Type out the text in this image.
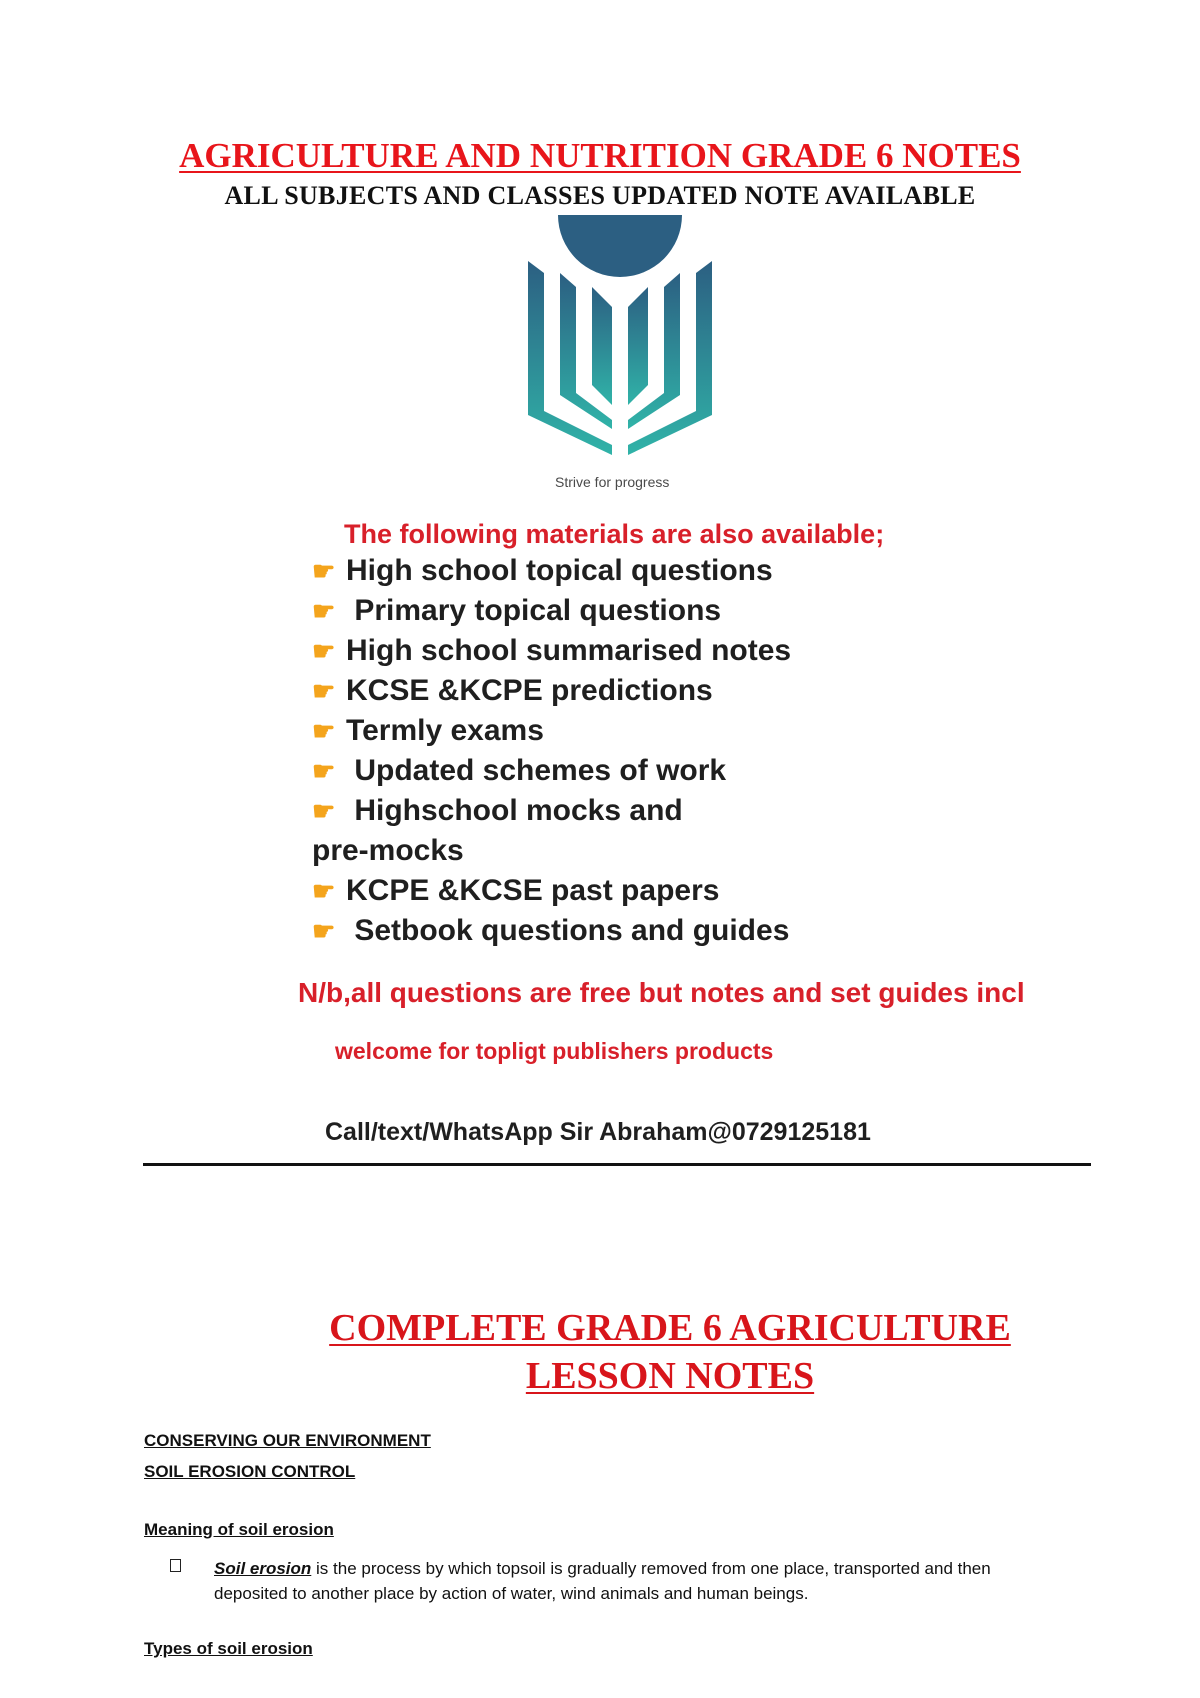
AGRICULTURE AND NUTRITION GRADE 6 NOTES
ALL SUBJECTS AND CLASSES UPDATED NOTE AVAILABLE
Strive for progress
The following materials are also available;
☛ High school topical questions
☛ Primary topical questions
☛ High school summarised notes
☛ KCSE &KCPE predictions
☛ Termly exams
☛ Updated schemes of work
☛ Highschool mocks and pre-mocks
☛ KCPE &KCSE past papers
☛ Setbook questions and guides
N/b,all questions are free but notes and set guides incl
welcome for topligt publishers products
Call/text/WhatsApp Sir Abraham@0729125181
COMPLETE GRADE 6 AGRICULTURE
LESSON NOTES
CONSERVING OUR ENVIRONMENT
SOIL EROSION CONTROL
Meaning of soil erosion
Soil erosion is the process by which topsoil is gradually removed from one place, transported and then deposited to another place by action of water, wind animals and human beings.
Types of soil erosion
